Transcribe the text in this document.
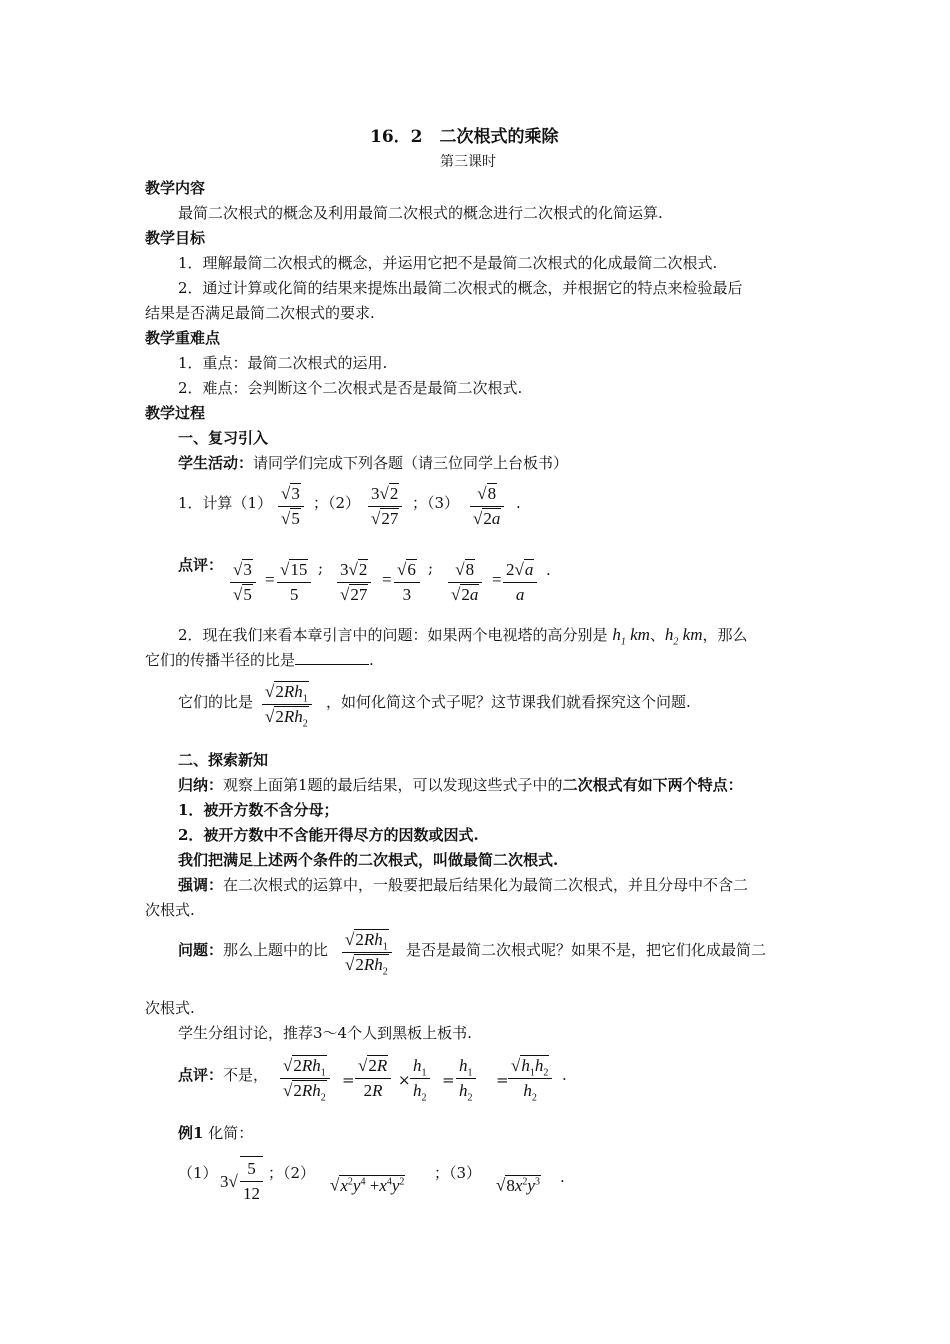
16．2　二次根式的乘除
第三课时
教学内容
最简二次根式的概念及利用最简二次根式的概念进行二次根式的化简运算.
教学目标
1．理解最简二次根式的概念，并运用它把不是最简二次根式的化成最简二次根式.
2．通过计算或化简的结果来提炼出最简二次根式的概念，并根据它的特点来检验最后
结果是否满足最简二次根式的要求.
教学重难点
1．重点：最简二次根式的运用.
2．难点：会判断这个二次根式是否是最简二次根式.
教学过程
一、复习引入
学生活动：请同学们完成下列各题（请三位同学上台板书）
1．计算（1） √3
√5
；（2） 3√2
√27
；（3）	√8
√2a
.
点评： √3
√5
=
√15
5
; 3√2
√27
=
√6
3
;	√8
√2a
=
2√a
a
.
2．现在我们来看本章引言中的问题：如果两个电视塔的高分别是 $h_1$ km、$h_2$ km，那么
它们的传播半径的比是	.
它们的比是
$√2Rh_1$
$√2Rh_2$
，如何化简这个式子呢？这节课我们就看探究这个问题.
二、探索新知
归纳：观察上面第1题的最后结果，可以发现这些式子中的二次根式有如下两个特点：
1．被开方数不含分母；
2．被开方数中不含能开得尽方的因数或因式.
我们把满足上述两个条件的二次根式，叫做最简二次根式.
强调：在二次根式的运算中，一般要把最后结果化为最简二次根式，并且分母中不含二
次根式.
问题：那么上题中的比
$√2Rh_1$
$√2Rh_2$
是否是最简二次根式呢？如果不是，把它们化成最简二
次根式.
学生分组讨论，推荐3～4个人到黑板上板书.
点评：不是， $√2Rh_1$
$√2Rh_2$
=
√2R
2R
×
$h_1$
$h_2$
=
$h_1$
$h_2$
=
$√h_1h_2$
$h_2$
.
例1 化简：
（1） 3√
5
12
；（2）
$√x^2y^4 +x^4y^2$ ；（3）
$√8x^2y^3$ .
